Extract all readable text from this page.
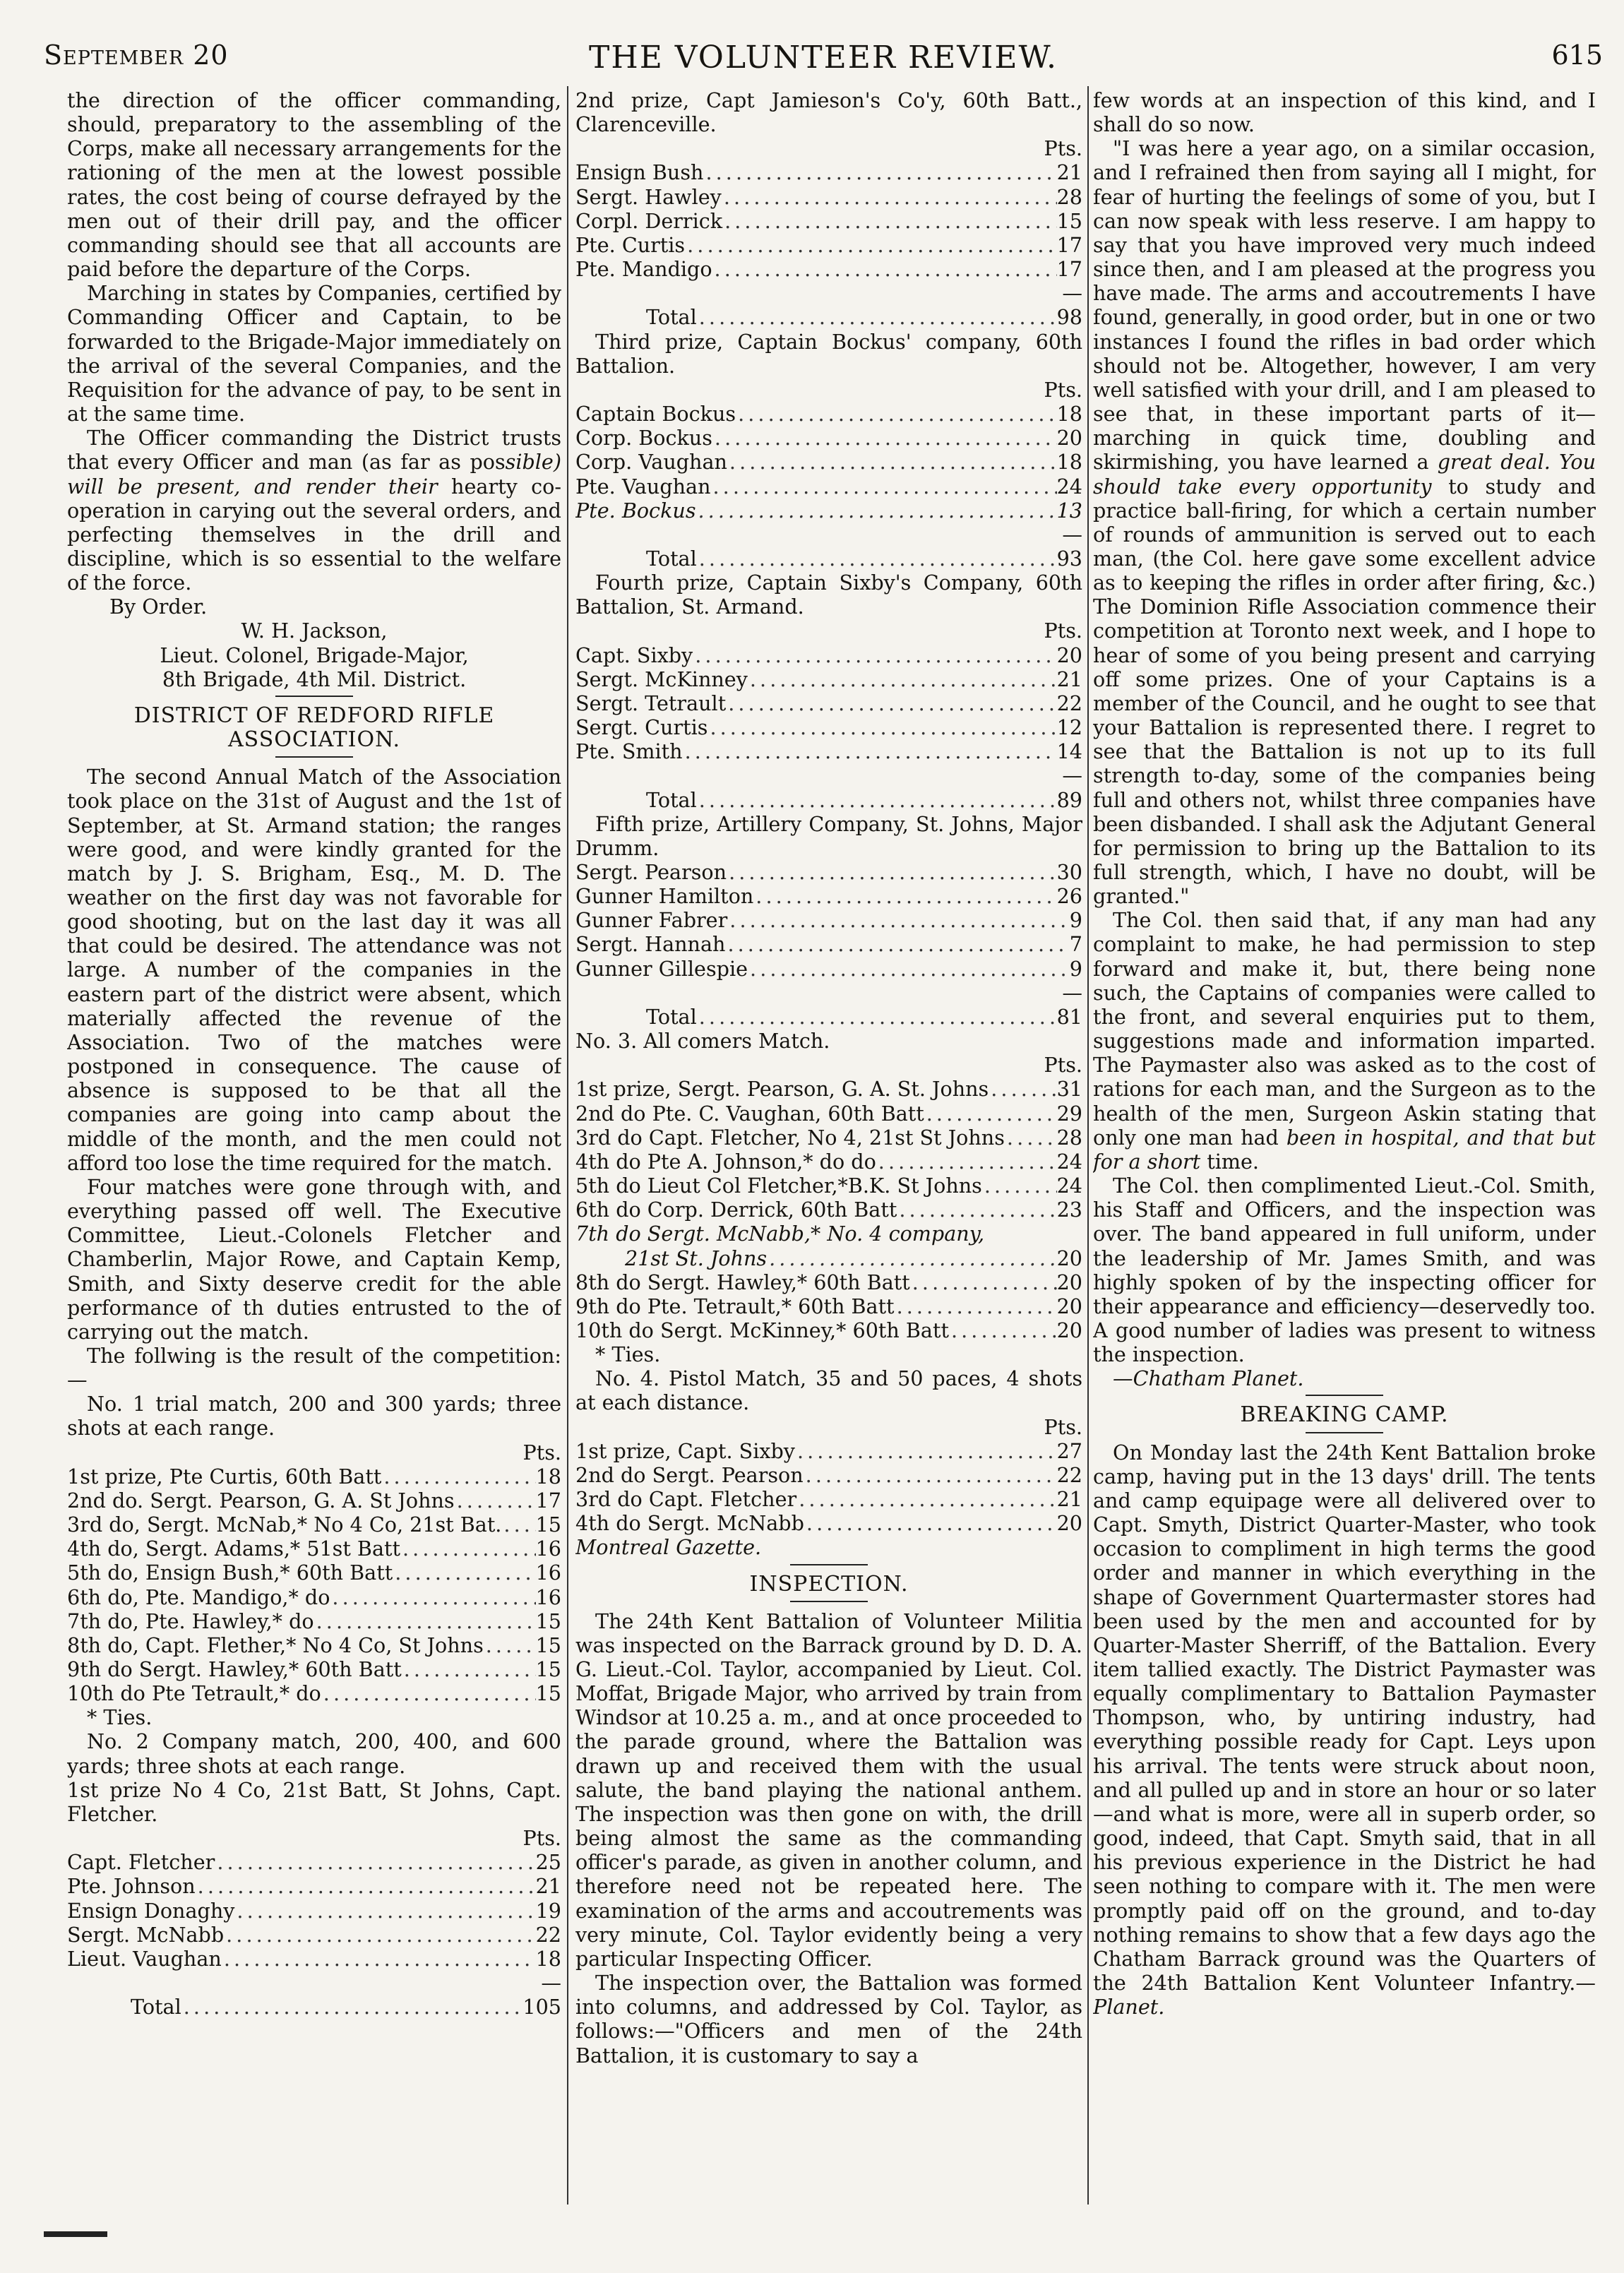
September 20	THE VOLUNTEER REVIEW.	615

the direction of the officer commanding, should, preparatory to the assembling of the Corps, make all necessary arrangements for the rationing of the men at the lowest possible rates, the cost being of course defrayed by the men out of their drill pay, and the officer commanding should see that all accounts are paid before the departure of the Corps.

Marching in states by Companies, certified by Commanding Officer and Captain, to be forwarded to the Brigade-Major immediately on the arrival of the several Companies, and the Requisition for the advance of pay, to be sent in at the same time.

The Officer commanding the District trusts that every Officer and man (as far as possible) will be present, and render their hearty co-operation in carying out the several orders, and perfecting themselves in the drill and discipline, which is so essential to the welfare of the force.

By Order.

W. H. Jackson,

Lieut. Colonel, Brigade-Major,

8th Brigade, 4th Mil. District.

DISTRICT OF REDFORD RIFLE

ASSOCIATION.

The second Annual Match of the Association took place on the 31st of August and the 1st of September, at St. Armand station; the ranges were good, and were kindly granted for the match by J. S. Brigham, Esq., M. D. The weather on the first day was not favorable for good shooting, but on the last day it was all that could be desired. The attendance was not large. A number of the companies in the eastern part of the district were absent, which materially affected the revenue of the Association. Two of the matches were postponed in consequence. The cause of absence is supposed to be that all the companies are going into camp about the middle of the month, and the men could not afford too lose the time required for the match.

Four matches were gone through with, and everything passed off well. The Executive Committee, Lieut.-Colonels Fletcher and Chamberlin, Major Rowe, and Captain Kemp, Smith, and Sixty deserve credit for the able performance of th duties entrusted to the of carrying out the match.

The follwing is the result of the competition:—

No. 1 trial match, 200 and 300 yards; three shots at each range.

Pts.

1st prize, Pte Curtis, 60th Batt . . .	18
2nd do. Sergt. Pearson, G. A. St Johns . . .	17
3rd do, Sergt. McNab,* No 4 Co, 21st Bat. . . . 15
4th do, Sergt. Adams,* 51st Batt . . .	16
5th do, Ensign Bush,* 60th Batt . . .	16
6th do, Pte. Mandigo,* do . . .	16
7th do, Pte. Hawley,* do . . .	15
8th do, Capt. Flether,* No 4 Co, St Johns . . .	15
9th do Sergt. Hawley,* 60th Batt . . .	15
10th do Pte Tetrault,* do . . .	15

* Ties.

No. 2 Company match, 200, 400, and 600 yards; three shots at each range.

1st prize No 4 Co, 21st Batt, St Johns, Capt. Fletcher.

Pts.

Capt. Fletcher . . .	25
Pte. Johnson . . .	21
Ensign Donaghy . . .	19
Sergt. McNabb . . .	22
Lieut. Vaughan . . .	18

—

Total . . .	105

2nd prize, Capt Jamieson's Co'y, 60th Batt., Clarenceville.

Pts.

Ensign Bush . . .	21
Sergt. Hawley . . .	28
Corpl. Derrick . . .	15
Pte. Curtis . . .	17
Pte. Mandigo . . .	17

—

Total . . .	98

Third prize, Captain Bockus' company, 60th Battalion.

Pts.

Captain Bockus . . .	18
Corp. Bockus . . .	20
Corp. Vaughan . . .	18
Pte. Vaughan . . .	24
Pte. Bockus . . .	13

—

Total . . .	93

Fourth prize, Captain Sixby's Company, 60th Battalion, St. Armand.

Pts.

Capt. Sixby . . .	20
Sergt. McKinney . . .	21
Sergt. Tetrault . . .	22
Sergt. Curtis . . .	12
Pte. Smith . . .	14

—

Total . . .	89

Fifth prize, Artillery Company, St. Johns, Major Drumm.

Sergt. Pearson . . .	30
Gunner Hamilton . . .	26
Gunner Fabrer . . .	9
Sergt. Hannah . . .	7
Gunner Gillespie . . .	9

—

Total . . .	81

No. 3. All comers Match.

Pts.

1st prize, Sergt. Pearson, G. A. St. Johns . . .	31
2nd do Pte. C. Vaughan, 60th Batt . . .	29
3rd do Capt. Fletcher, No 4, 21st St Johns . . .	28
4th do Pte A. Johnson,* do do . . .	24
5th do Lieut Col Fletcher,*B.K. St Johns . . .	24
6th do Corp. Derrick, 60th Batt . . .	23

7th do Sergt. McNabb,* No. 4 company,

21st St. Johns . . .	20
8th do Sergt. Hawley,* 60th Batt . . .	20
9th do Pte. Tetrault,* 60th Batt . . .	20
10th do Sergt. McKinney,* 60th Batt . . .	20

* Ties.

No. 4. Pistol Match, 35 and 50 paces, 4 shots at each distance.

Pts.

1st prize, Capt. Sixby . . .	27
2nd do Sergt. Pearson . . .	22
3rd do Capt. Fletcher . . .	21
4th do Sergt. McNabb . . .	20

Montreal Gazette.

INSPECTION.

The 24th Kent Battalion of Volunteer Militia was inspected on the Barrack ground by D. D. A. G. Lieut.-Col. Taylor, accompanied by Lieut. Col. Moffat, Brigade Major, who arrived by train from Windsor at 10.25 a. m., and at once proceeded to the parade ground, where the Battalion was drawn up and received them with the usual salute, the band playing the national anthem. The inspection was then gone on with, the drill being almost the same as the commanding officer's parade, as given in another column, and therefore need not be repeated here. The examination of the arms and accoutrements was very minute, Col. Taylor evidently being a very particular Inspecting Officer.

The inspection over, the Battalion was formed into columns, and addressed by Col. Taylor, as follows:—"Officers and men of the 24th Battalion, it is customary to say a

few words at an inspection of this kind, and I shall do so now.

"I was here a year ago, on a similar occasion, and I refrained then from saying all I might, for fear of hurting the feelings of some of you, but I can now speak with less reserve. I am happy to say that you have improved very much indeed since then, and I am pleased at the progress you have made. The arms and accoutrements I have found, generally, in good order, but in one or two instances I found the rifles in bad order which should not be. Altogether, however, I am very well satisfied with your drill, and I am pleased to see that, in these important parts of it—marching in quick time, doubling and skirmishing, you have learned a great deal. You should take every opportunity to study and practice ball-firing, for which a certain number of rounds of ammunition is served out to each man, (the Col. here gave some excellent advice as to keeping the rifles in order after firing, &c.) The Dominion Rifle Association commence their competition at Toronto next week, and I hope to hear of some of you being present and carrying off some prizes. One of your Captains is a member of the Council, and he ought to see that your Battalion is represented there. I regret to see that the Battalion is not up to its full strength to-day, some of the companies being full and others not, whilst three companies have been disbanded. I shall ask the Adjutant General for permission to bring up the Battalion to its full strength, which, I have no doubt, will be granted."

The Col. then said that, if any man had any complaint to make, he had permission to step forward and make it, but, there being none such, the Captains of companies were called to the front, and several enquiries put to them, suggestions made and information imparted. The Paymaster also was asked as to the cost of rations for each man, and the Surgeon as to the health of the men, Surgeon Askin stating that only one man had been in hospital, and that but for a short time.

The Col. then complimented Lieut.-Col. Smith, his Staff and Officers, and the inspection was over. The band appeared in full uniform, under the leadership of Mr. James Smith, and was highly spoken of by the inspecting officer for their appearance and efficiency—deservedly too. A good number of ladies was present to witness the inspection.

—Chatham Planet.

BREAKING CAMP.

On Monday last the 24th Kent Battalion broke camp, having put in the 13 days' drill. The tents and camp equipage were all delivered over to Capt. Smyth, District Quarter-Master, who took occasion to compliment in high terms the good order and manner in which everything in the shape of Government Quartermaster stores had been used by the men and accounted for by Quarter-Master Sherriff, of the Battalion. Every item tallied exactly. The District Paymaster was equally complimentary to Battalion Paymaster Thompson, who, by untiring industry, had everything possible ready for Capt. Leys upon his arrival. The tents were struck about noon, and all pulled up and in store an hour or so later—and what is more, were all in superb order, so good, indeed, that Capt. Smyth said, that in all his previous experience in the District he had seen nothing to compare with it. The men were promptly paid off on the ground, and to-day nothing remains to show that a few days ago the Chatham Barrack ground was the Quarters of the 24th Battalion Kent Volunteer Infantry.—Planet.
